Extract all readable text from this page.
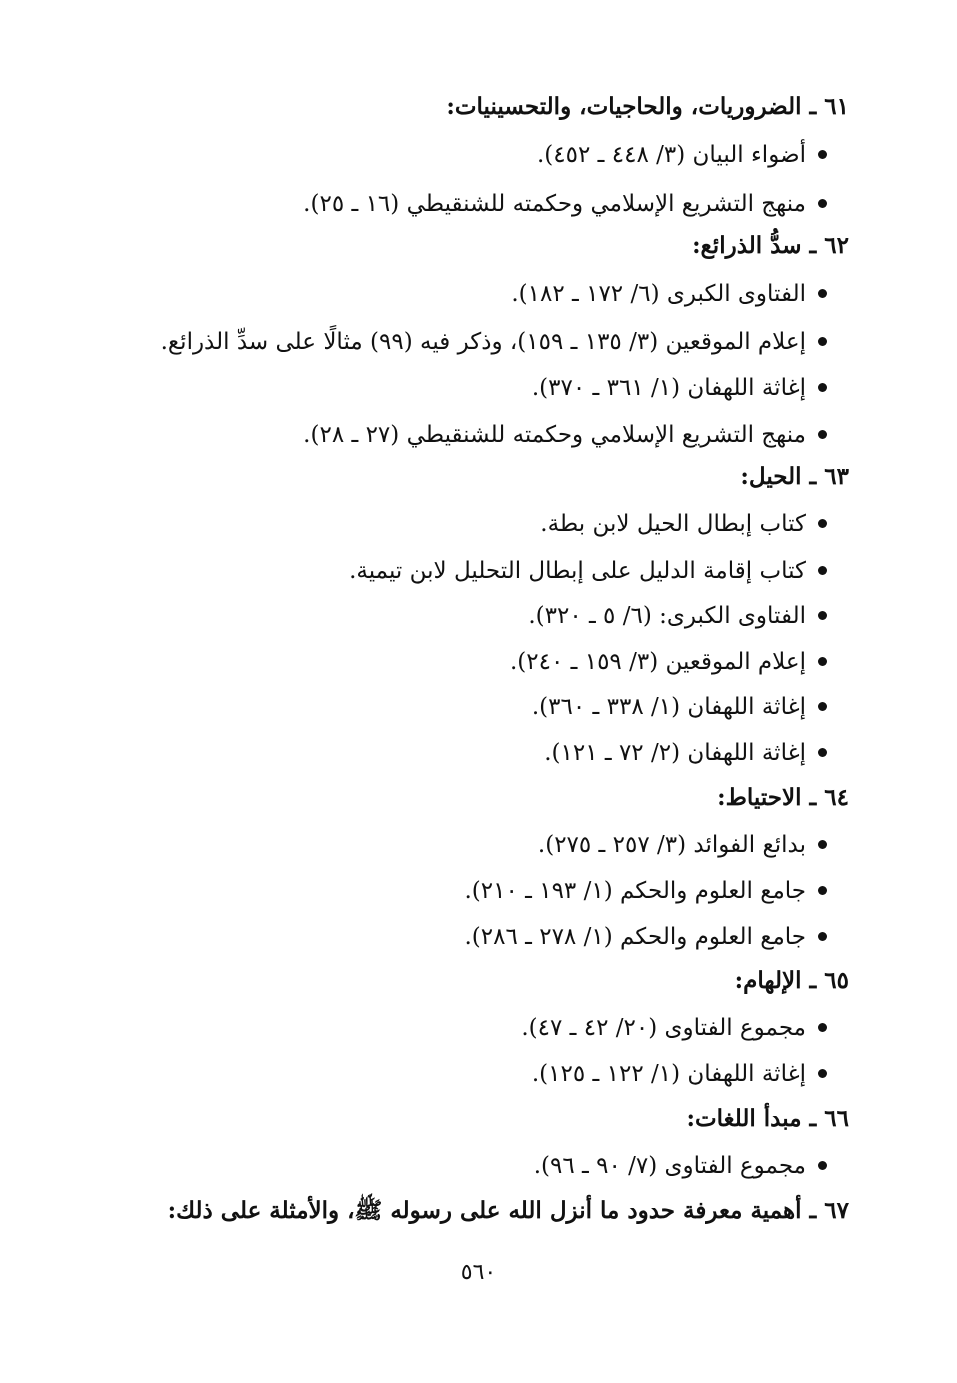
٦١ ـ الضروريات، والحاجيات، والتحسينيات:
أضواء البيان (٣/ ٤٤٨ ـ ٤٥٢).
منهج التشريع الإسلامي وحكمته للشنقيطي (١٦ ـ ٢٥).
٦٢ ـ سدُّ الذرائع:
الفتاوى الكبرى (٦/ ١٧٢ ـ ١٨٢).
إعلام الموقعين (٣/ ١٣٥ ـ ١٥٩)، وذكر فيه (٩٩) مثالًا على سدِّ الذرائع.
إغاثة اللهفان (١/ ٣٦١ ـ ٣٧٠).
منهج التشريع الإسلامي وحكمته للشنقيطي (٢٧ ـ ٢٨).
٦٣ ـ الحيل:
كتاب إبطال الحيل لابن بطة.
كتاب إقامة الدليل على إبطال التحليل لابن تيمية.
الفتاوى الكبرى: (٦/ ٥ ـ ٣٢٠).
إعلام الموقعين (٣/ ١٥٩ ـ ٢٤٠).
إغاثة اللهفان (١/ ٣٣٨ ـ ٣٦٠).
إغاثة اللهفان (٢/ ٧٢ ـ ١٢١).
٦٤ ـ الاحتياط:
بدائع الفوائد (٣/ ٢٥٧ ـ ٢٧٥).
جامع العلوم والحكم (١/ ١٩٣ ـ ٢١٠).
جامع العلوم والحكم (١/ ٢٧٨ ـ ٢٨٦).
٦٥ ـ الإلهام:
مجموع الفتاوى (٢٠/ ٤٢ ـ ٤٧).
إغاثة اللهفان (١/ ١٢٢ ـ ١٢٥).
٦٦ ـ مبدأ اللغات:
مجموع الفتاوى (٧/ ٩٠ ـ ٩٦).
٦٧ ـ أهمية معرفة حدود ما أنزل الله على رسوله ﷺ، والأمثلة على ذلك:
٥٦٠
